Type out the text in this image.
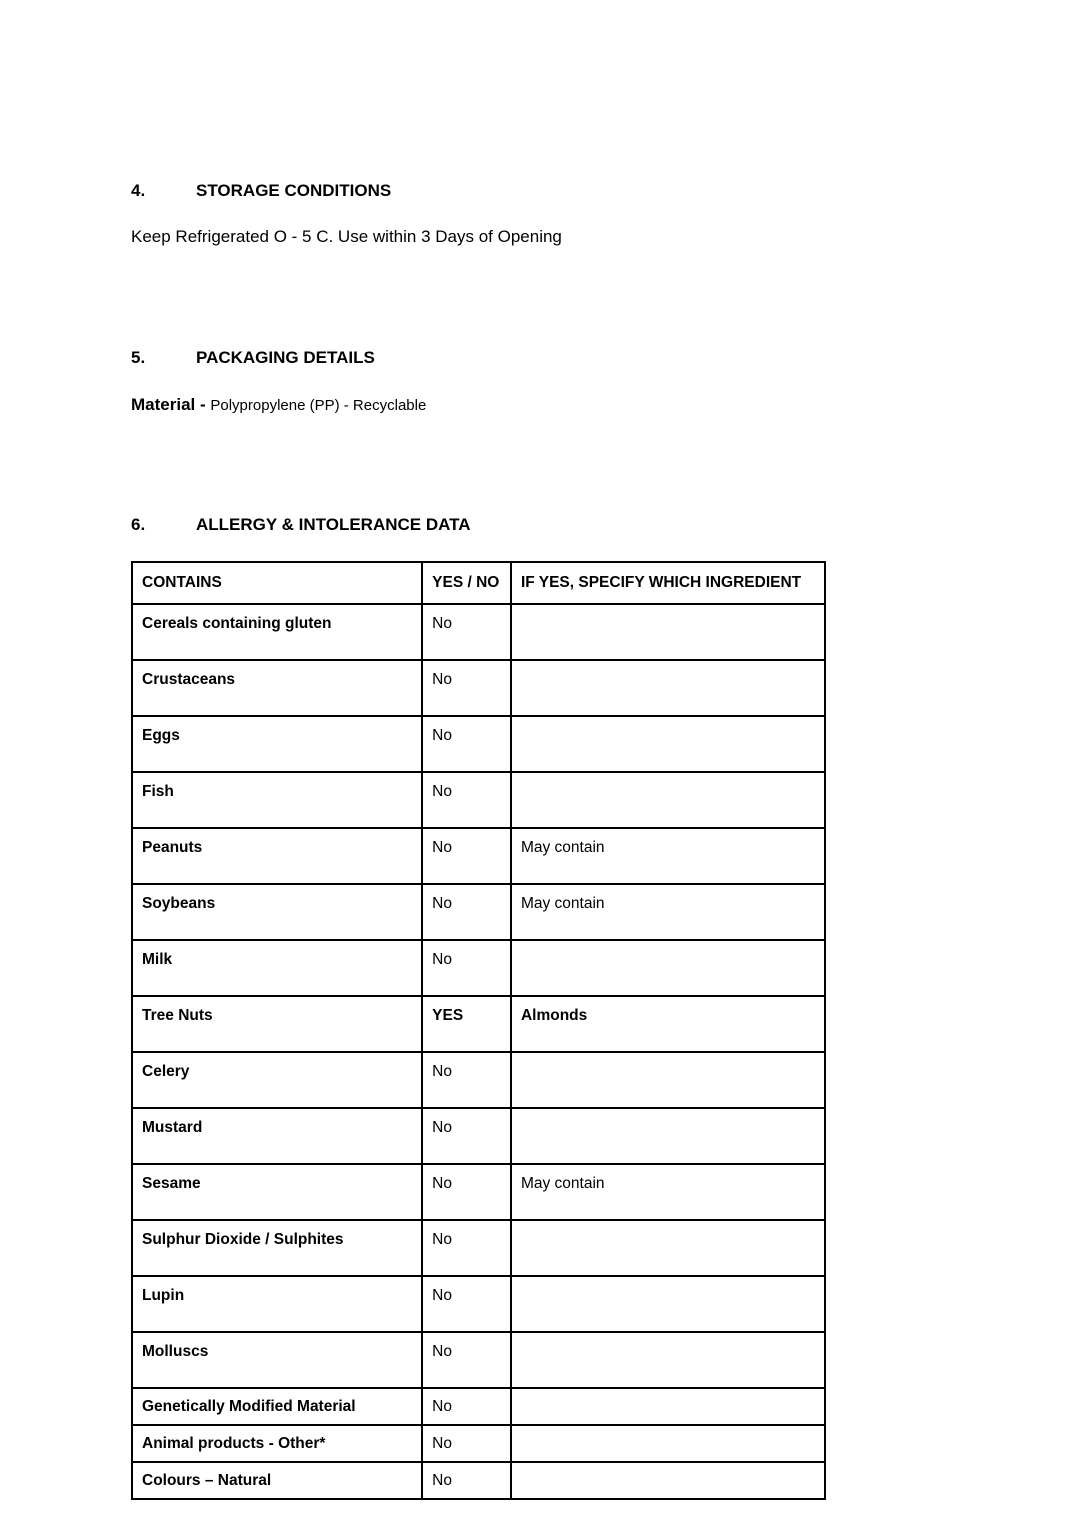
4.	STORAGE CONDITIONS
Keep Refrigerated O - 5 C. Use within 3 Days of Opening
5.	PACKAGING DETAILS
Material - Polypropylene (PP) - Recyclable
6.	ALLERGY & INTOLERANCE DATA
CONTAINS	YES / NO	IF YES, SPECIFY WHICH INGREDIENT
Cereals containing gluten	No	
Crustaceans	No	
Eggs	No	
Fish	No	
Peanuts	No	May contain
Soybeans	No	May contain
Milk	No	
Tree Nuts	YES	Almonds
Celery	No	
Mustard	No	
Sesame	No	May contain
Sulphur Dioxide / Sulphites	No	
Lupin	No	
Molluscs	No	
Genetically Modified Material	No	
Animal products - Other*	No	
Colours – Natural	No	
